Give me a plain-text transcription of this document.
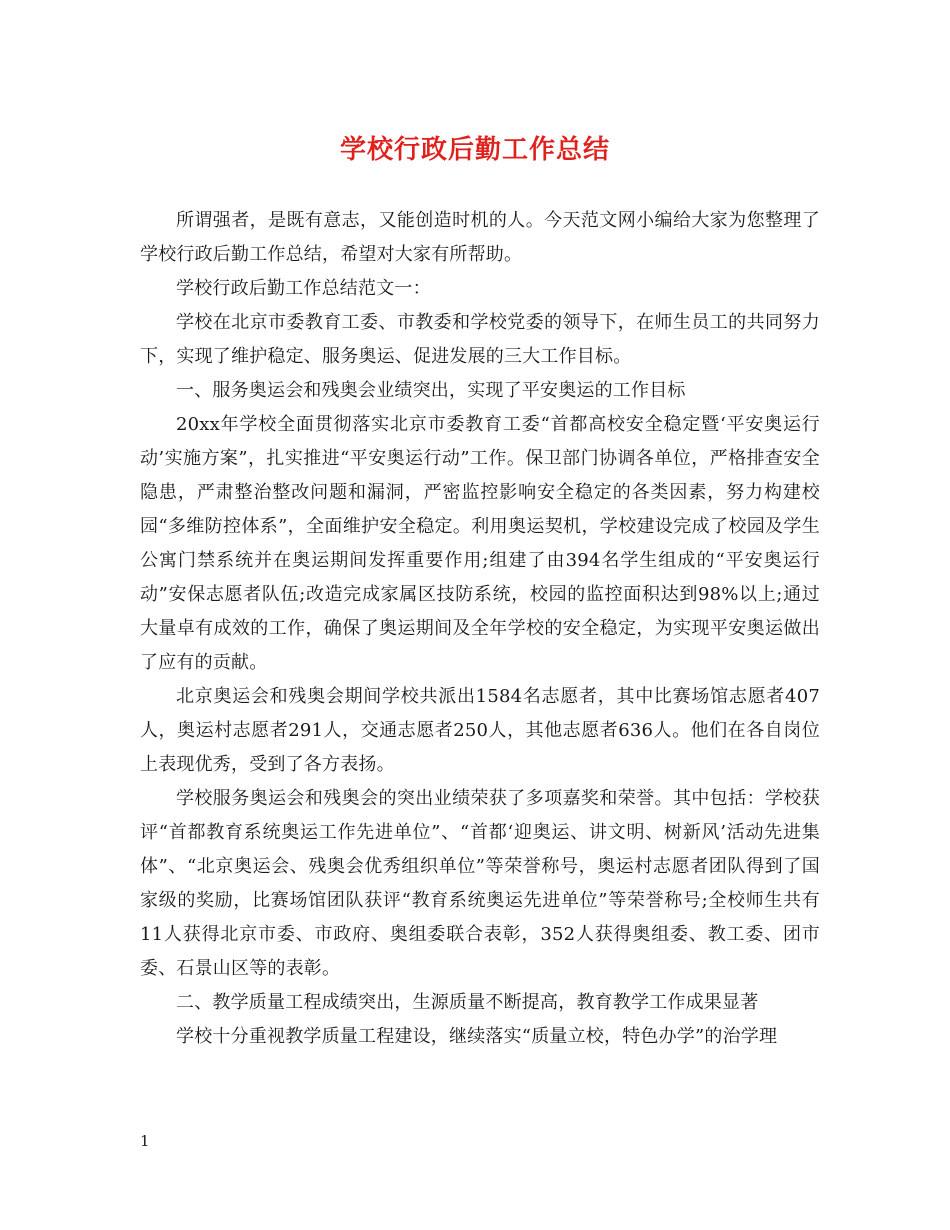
学校行政后勤工作总结

所谓强者，是既有意志，又能创造时机的人。今天范文网小编给大家为您整理了学校行政后勤工作总结，希望对大家有所帮助。

学校行政后勤工作总结范文一：

学校在北京市委教育工委、市教委和学校党委的领导下，在师生员工的共同努力下，实现了维护稳定、服务奥运、促进发展的三大工作目标。

一、服务奥运会和残奥会业绩突出，实现了平安奥运的工作目标

20xx年学校全面贯彻落实北京市委教育工委“首都高校安全稳定暨‘平安奥运行动’实施方案”，扎实推进“平安奥运行动”工作。保卫部门协调各单位，严格排查安全隐患，严肃整治整改问题和漏洞，严密监控影响安全稳定的各类因素，努力构建校园“多维防控体系”，全面维护安全稳定。利用奥运契机，学校建设完成了校园及学生公寓门禁系统并在奥运期间发挥重要作用;组建了由394名学生组成的“平安奥运行动”安保志愿者队伍;改造完成家属区技防系统，校园的监控面积达到98%以上;通过大量卓有成效的工作，确保了奥运期间及全年学校的安全稳定，为实现平安奥运做出了应有的贡献。

北京奥运会和残奥会期间学校共派出1584名志愿者，其中比赛场馆志愿者407人，奥运村志愿者291人，交通志愿者250人，其他志愿者636人。他们在各自岗位上表现优秀，受到了各方表扬。

学校服务奥运会和残奥会的突出业绩荣获了多项嘉奖和荣誉。其中包括：学校获评“首都教育系统奥运工作先进单位”、“首都‘迎奥运、讲文明、树新风’活动先进集体”、“北京奥运会、残奥会优秀组织单位”等荣誉称号，奥运村志愿者团队得到了国家级的奖励，比赛场馆团队获评“教育系统奥运先进单位”等荣誉称号;全校师生共有11人获得北京市委、市政府、奥组委联合表彰，352人获得奥组委、教工委、团市委、石景山区等的表彰。

二、教学质量工程成绩突出，生源质量不断提高，教育教学工作成果显著

学校十分重视教学质量工程建设，继续落实“质量立校，特色办学”的治学理

1
